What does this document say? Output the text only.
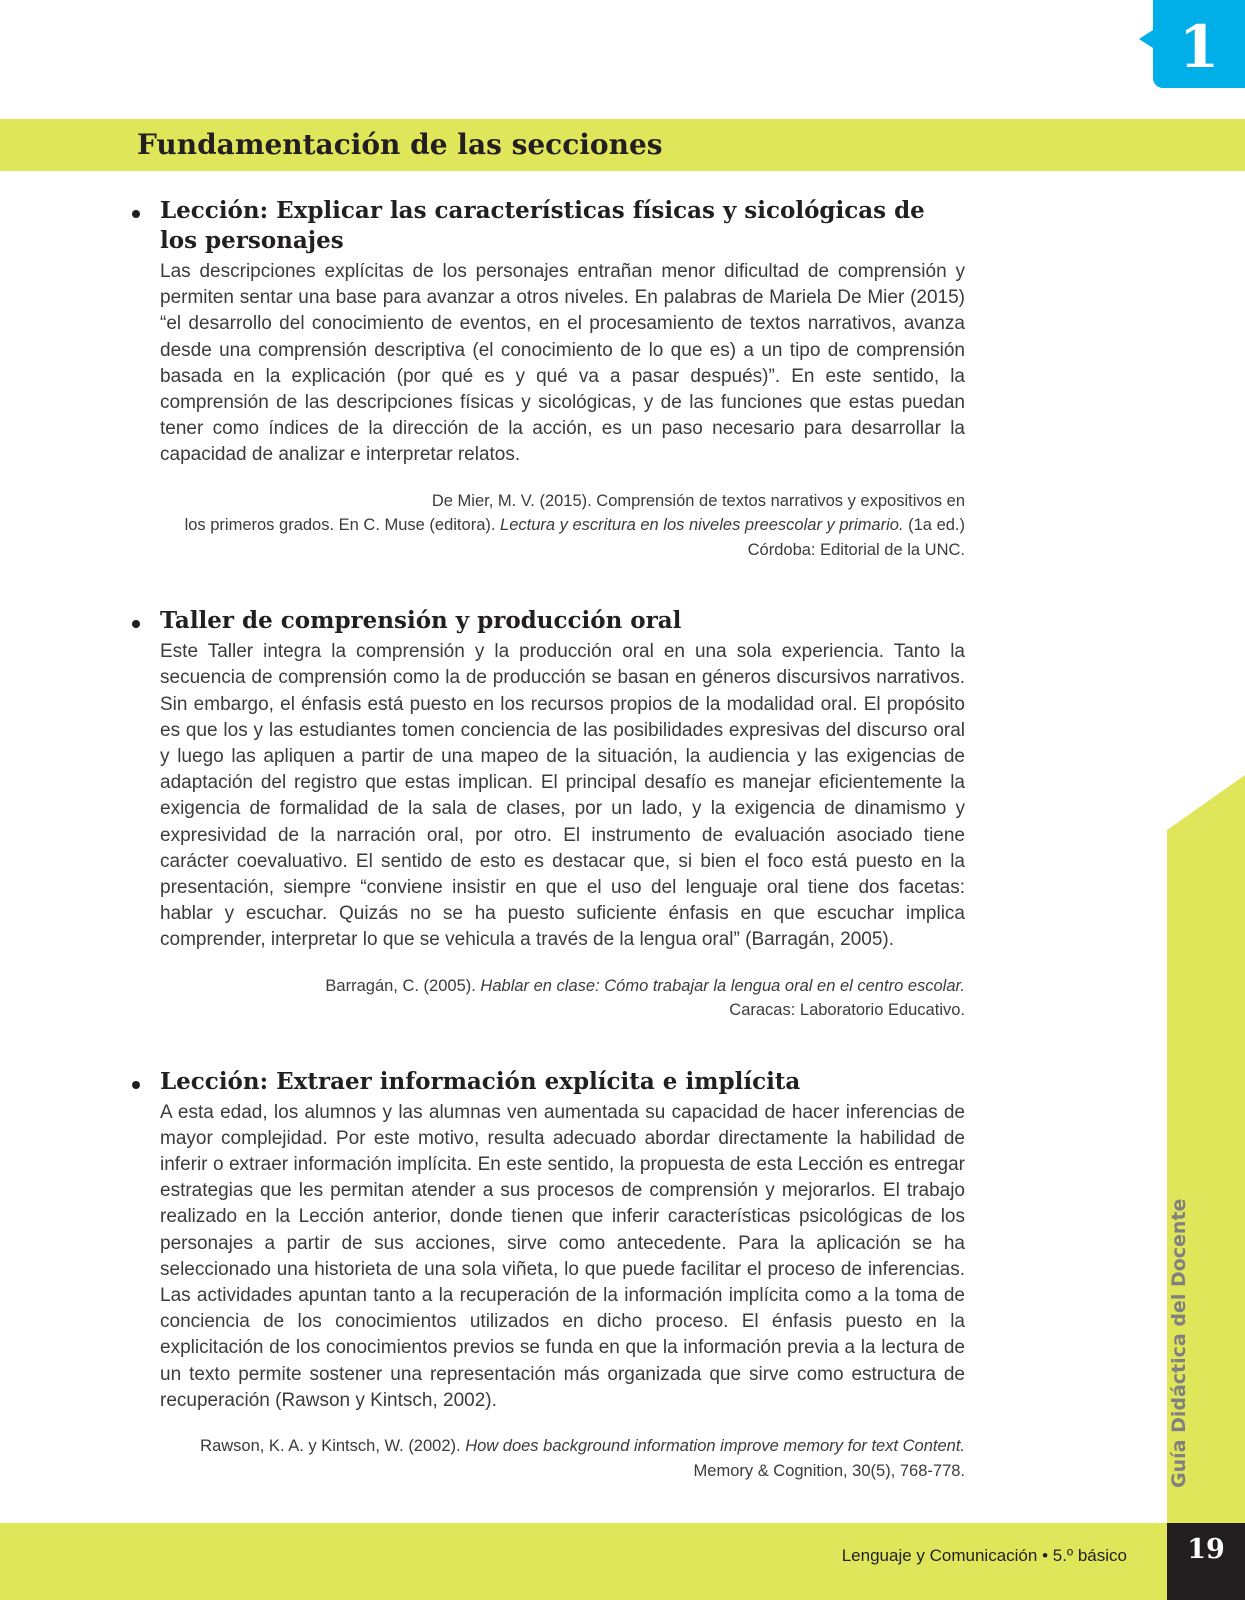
1
Fundamentación de las secciones
Guía Didáctica del Docente
Lección: Explicar las características físicas y sicológicas de los personajes

Las descripciones explícitas de los personajes entrañan menor dificultad de comprensión y permiten sentar una base para avanzar a otros niveles. En palabras de Mariela De Mier (2015) “el desarrollo del conocimiento de eventos, en el procesamiento de textos narrativos, avanza desde una comprensión descriptiva (el conocimiento de lo que es) a un tipo de comprensión basada en la explicación (por qué es y qué va a pasar después)”. En este sentido, la comprensión de las descripciones físicas y sicológicas, y de las funciones que estas puedan tener como índices de la dirección de la acción, es un paso necesario para desarrollar la capacidad de analizar e interpretar relatos.

De Mier, M. V. (2015). Comprensión de textos narrativos y expositivos en
los primeros grados. En C. Muse (editora). Lectura y escritura en los niveles preescolar y primario. (1a ed.)
Córdoba: Editorial de la UNC.
Taller de comprensión y producción oral

Este Taller integra la comprensión y la producción oral en una sola experiencia. Tanto la secuencia de comprensión como la de producción se basan en géneros discursivos narrativos. Sin embargo, el énfasis está puesto en los recursos propios de la modalidad oral. El propósito es que los y las estudiantes tomen conciencia de las posibilidades expresivas del discurso oral y luego las apliquen a partir de una mapeo de la situación, la audiencia y las exigencias de adaptación del registro que estas implican. El principal desafío es manejar eficientemente la exigencia de formalidad de la sala de clases, por un lado, y la exigencia de dinamismo y expresividad de la narración oral, por otro. El instrumento de evaluación asociado tiene carácter coevaluativo. El sentido de esto es destacar que, si bien el foco está puesto en la presentación, siempre “conviene insistir en que el uso del lenguaje oral tiene dos facetas: hablar y escuchar. Quizás no se ha puesto suficiente énfasis en que escuchar implica comprender, interpretar lo que se vehicula a través de la lengua oral” (Barragán, 2005).

Barragán, C. (2005). Hablar en clase: Cómo trabajar la lengua oral en el centro escolar.
Caracas: Laboratorio Educativo.
Lección: Extraer información explícita e implícita

A esta edad, los alumnos y las alumnas ven aumentada su capacidad de hacer inferencias de mayor complejidad. Por este motivo, resulta adecuado abordar directamente la habilidad de inferir o extraer información implícita. En este sentido, la propuesta de esta Lección es entregar estrategias que les permitan atender a sus procesos de comprensión y mejorarlos. El trabajo realizado en la Lección anterior, donde tienen que inferir características psicológicas de los personajes a partir de sus acciones, sirve como antecedente. Para la aplicación se ha seleccionado una historieta de una sola viñeta, lo que puede facilitar el proceso de inferencias. Las actividades apuntan tanto a la recuperación de la información implícita como a la toma de conciencia de los conocimientos utilizados en dicho proceso. El énfasis puesto en la explicitación de los conocimientos previos se funda en que la información previa a la lectura de un texto permite sostener una representación más organizada que sirve como estructura de recuperación (Rawson y Kintsch, 2002).

Rawson, K. A. y Kintsch, W. (2002). How does background information improve memory for text Content.
Memory & Cognition, 30(5), 768-778.
Lenguaje y Comunicación • 5.º básico	19
